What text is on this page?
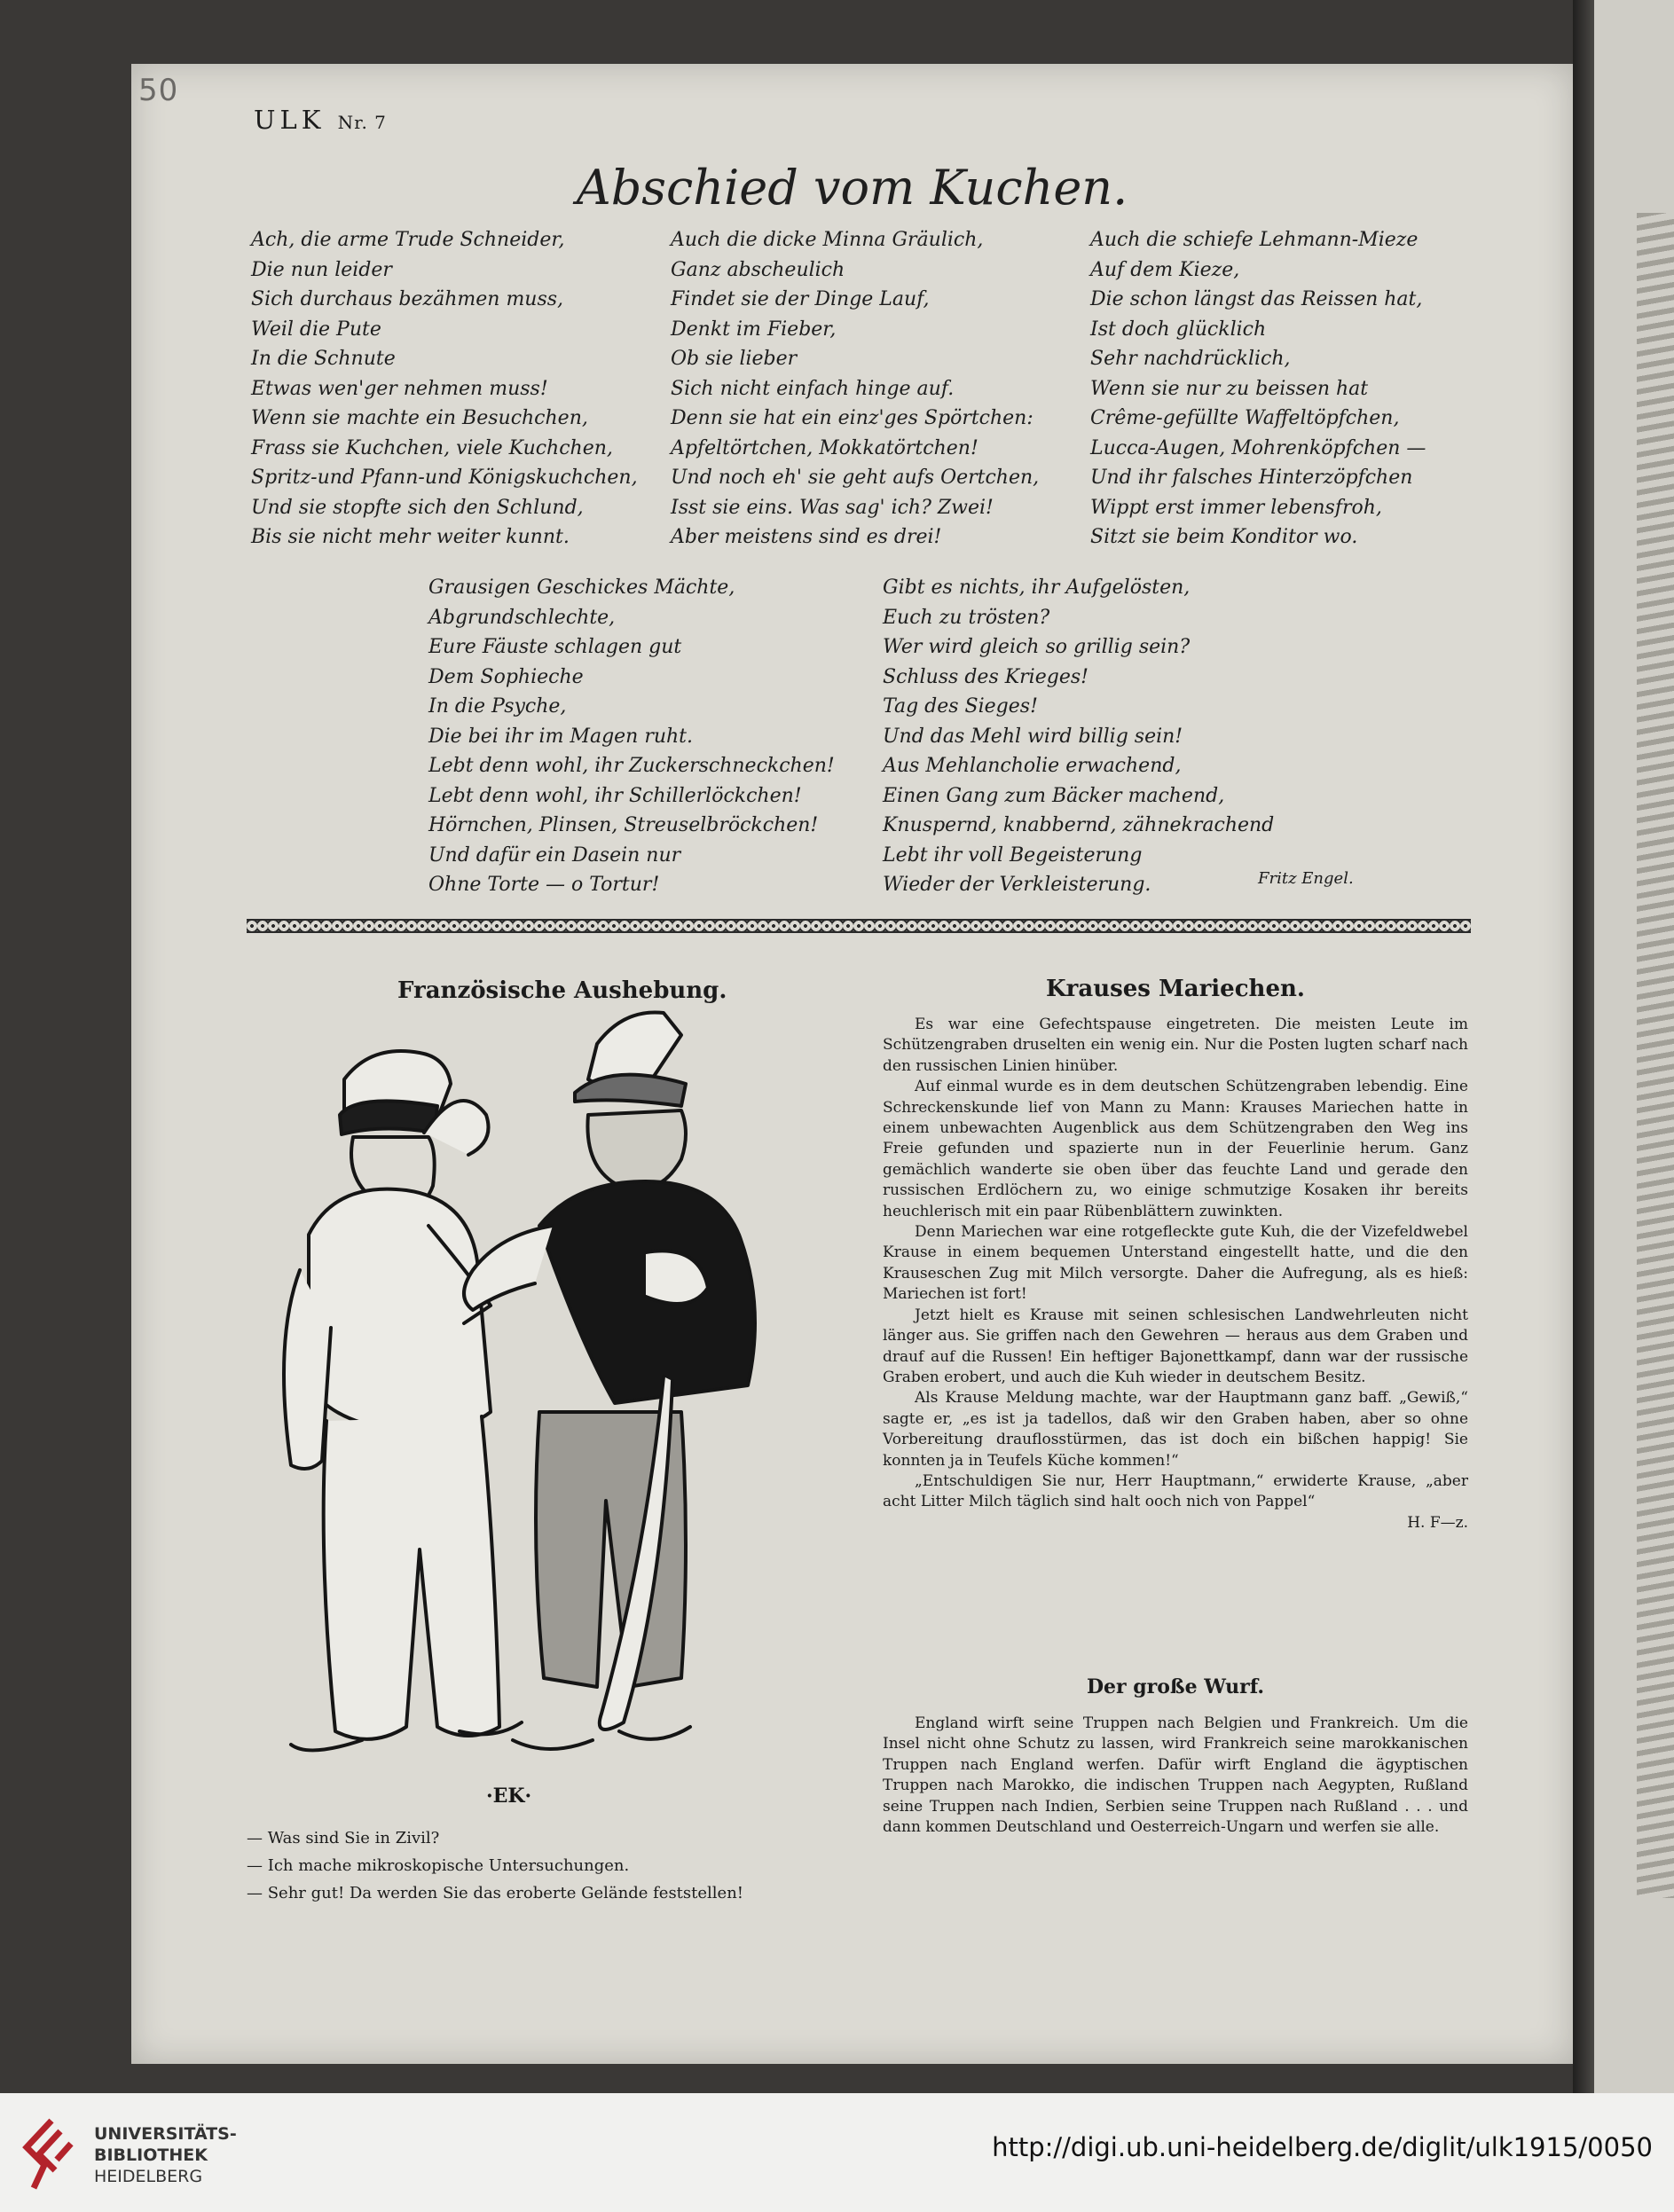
50
ULK Nr. 7
Abschied vom Kuchen.
Ach, die arme Trude Schneider,
Die nun leider
Sich durchaus bezähmen muss,
Weil die Pute
In die Schnute
Etwas wen'ger nehmen muss!
Wenn sie machte ein Besuchchen,
Frass sie Kuchchen, viele Kuchchen,
Spritz-und Pfann-und Königskuchchen,
Und sie stopfte sich den Schlund,
Bis sie nicht mehr weiter kunnt.
Auch die dicke Minna Gräulich,
Ganz abscheulich
Findet sie der Dinge Lauf,
Denkt im Fieber,
Ob sie lieber
Sich nicht einfach hinge auf.
Denn sie hat ein einz'ges Spörtchen:
Apfeltörtchen, Mokkatörtchen!
Und noch eh' sie geht aufs Oertchen,
Isst sie eins. Was sag' ich? Zwei!
Aber meistens sind es drei!
Auch die schiefe Lehmann-Mieze
Auf dem Kieze,
Die schon längst das Reissen hat,
Ist doch glücklich
Sehr nachdrücklich,
Wenn sie nur zu beissen hat
Crême-gefüllte Waffeltöpfchen,
Lucca-Augen, Mohrenköpfchen —
Und ihr falsches Hinterzöpfchen
Wippt erst immer lebensfroh,
Sitzt sie beim Konditor wo.
Grausigen Geschickes Mächte,
Abgrundschlechte,
Eure Fäuste schlagen gut
Dem Sophieche
In die Psyche,
Die bei ihr im Magen ruht.
Lebt denn wohl, ihr Zuckerschneckchen!
Lebt denn wohl, ihr Schillerlöckchen!
Hörnchen, Plinsen, Streuselbröckchen!
Und dafür ein Dasein nur
Ohne Torte — o Tortur!
Gibt es nichts, ihr Aufgelösten,
Euch zu trösten?
Wer wird gleich so grillig sein?
Schluss des Krieges!
Tag des Sieges!
Und das Mehl wird billig sein!
Aus Mehlancholie erwachend,
Einen Gang zum Bäcker machend,
Knuspernd, knabbernd, zähnekrachend
Lebt ihr voll Begeisterung
Wieder der Verkleisterung.	Fritz Engel.
Französische Aushebung.
·EK·
— Was sind Sie in Zivil?
— Ich mache mikroskopische Untersuchungen.
— Sehr gut! Da werden Sie das eroberte Gelände feststellen!
Krauses Mariechen.

Es war eine Gefechtspause eingetreten. Die meisten Leute im Schützengraben druselten ein wenig ein. Nur die Posten lugten scharf nach den russischen Linien hinüber.

Auf einmal wurde es in dem deutschen Schützengraben lebendig. Eine Schreckenskunde lief von Mann zu Mann: Krauses Mariechen hatte in einem unbewachten Augenblick aus dem Schützengraben den Weg ins Freie gefunden und spazierte nun in der Feuerlinie herum. Ganz gemächlich wanderte sie oben über das feuchte Land und gerade den russischen Erdlöchern zu, wo einige schmutzige Kosaken ihr bereits heuchlerisch mit ein paar Rübenblättern zuwinkten.

Denn Mariechen war eine rotgefleckte gute Kuh, die der Vizefeldwebel Krause in einem bequemen Unterstand eingestellt hatte, und die den Krauseschen Zug mit Milch versorgte. Daher die Aufregung, als es hieß: Mariechen ist fort!

Jetzt hielt es Krause mit seinen schlesischen Landwehrleuten nicht länger aus. Sie griffen nach den Gewehren — heraus aus dem Graben und drauf auf die Russen! Ein heftiger Bajonettkampf, dann war der russische Graben erobert, und auch die Kuh wieder in deutschem Besitz.

Als Krause Meldung machte, war der Hauptmann ganz baff. „Gewiß,“ sagte er, „es ist ja tadellos, daß wir den Graben haben, aber so ohne Vorbereitung drauflosstürmen, das ist doch ein bißchen happig! Sie konnten ja in Teufels Küche kommen!“

„Entschuldigen Sie nur, Herr Hauptmann,“ erwiderte Krause, „aber acht Litter Milch täglich sind halt ooch nich von Pappel“

H. F—z.

Der große Wurf.

England wirft seine Truppen nach Belgien und Frankreich. Um die Insel nicht ohne Schutz zu lassen, wird Frankreich seine marokkanischen Truppen nach England werfen. Dafür wirft England die ägyptischen Truppen nach Marokko, die indischen Truppen nach Aegypten, Rußland seine Truppen nach Indien, Serbien seine Truppen nach Rußland . . . und dann kommen Deutschland und Oesterreich-Ungarn und werfen sie alle.

UNIVERSITÄTS-
BIBLIOTHEK
HEIDELBERG
http://digi.ub.uni-heidelberg.de/diglit/ulk1915/0050
